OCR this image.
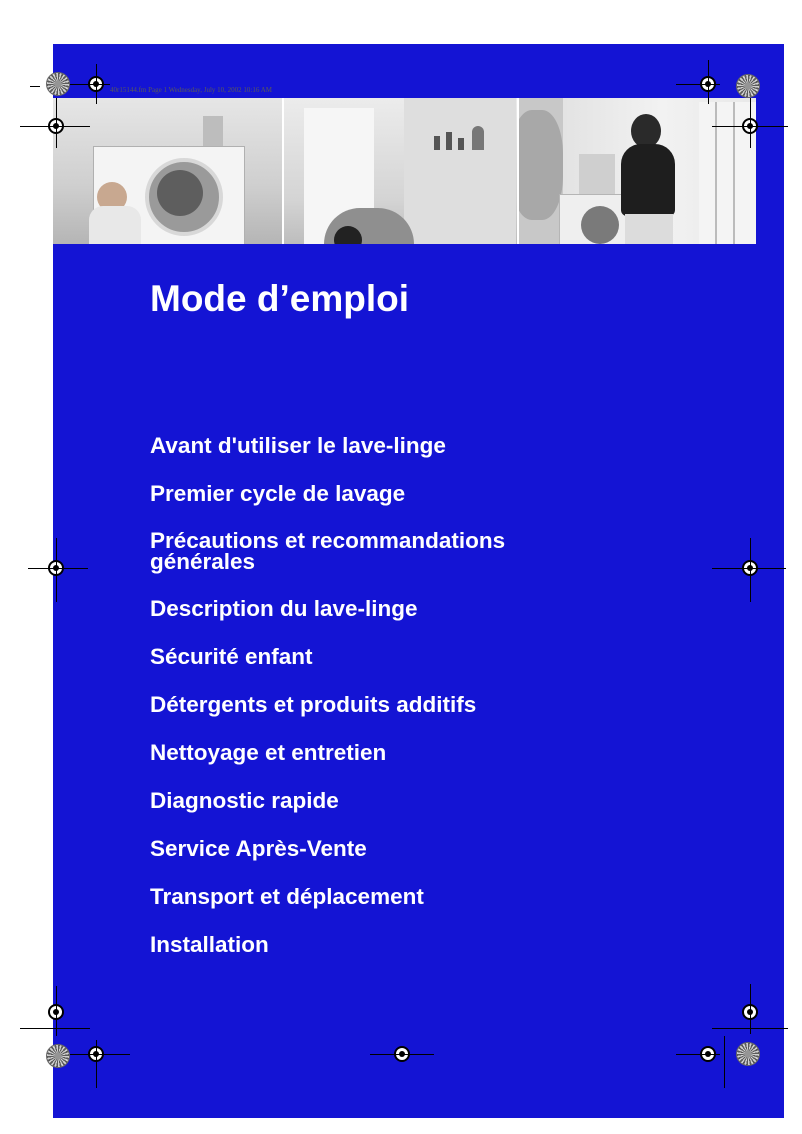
40r15144.fm Page 1 Wednesday, July 10, 2002 10:16 AM
Mode d’emploi
Avant d'utiliser le lave-linge
Premier cycle de lavage
Précautions et recommandations
générales
Description du lave-linge
Sécurité enfant
Détergents et produits additifs
Nettoyage et entretien
Diagnostic rapide
Service Après-Vente
Transport et déplacement
Installation
